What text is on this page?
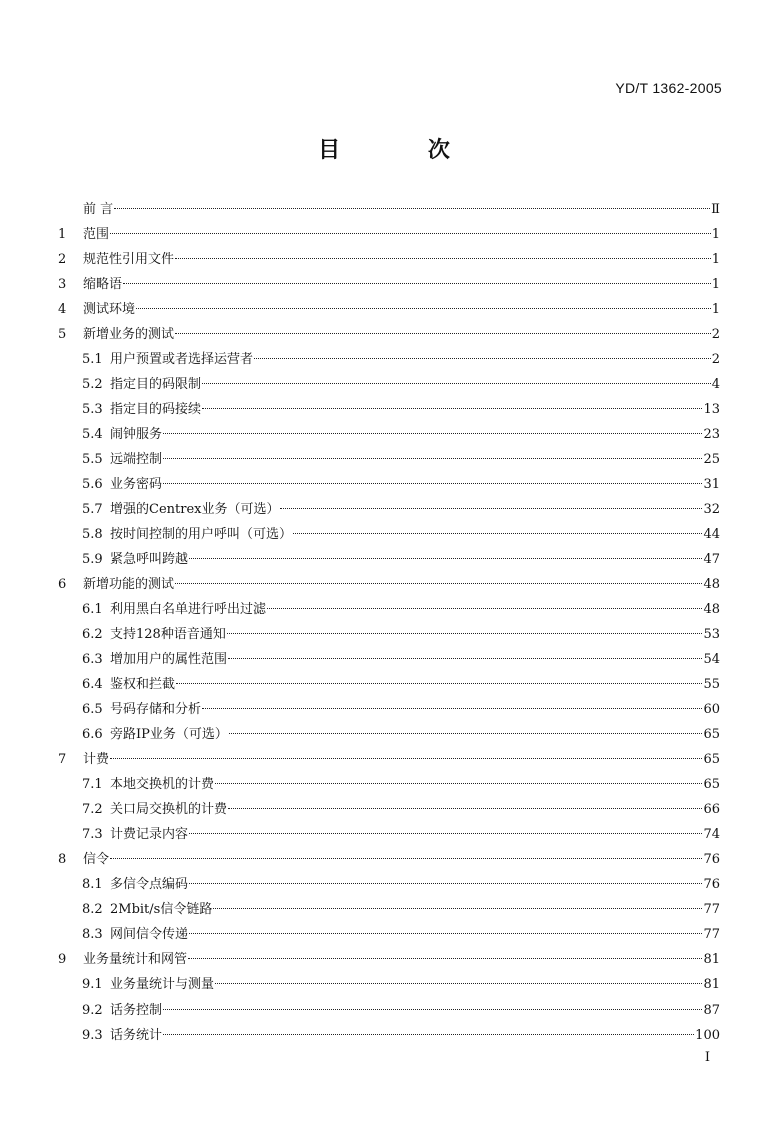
YD/T 1362-2005
目 次
前 言	Ⅱ
1	范围	1
2	规范性引用文件	1
3	缩略语	1
4	测试环境	1
5	新增业务的测试	2
5.1 用户预置或者选择运营者	2
5.2 指定目的码限制	4
5.3 指定目的码接续	13
5.4 闹钟服务	23
5.5 远端控制	25
5.6 业务密码	31
5.7 增强的Centrex业务（可选）	32
5.8 按时间控制的用户呼叫（可选）	44
5.9 紧急呼叫跨越	47
6	新增功能的测试	48
6.1 利用黑白名单进行呼出过滤	48
6.2 支持128种语音通知	53
6.3 增加用户的属性范围	54
6.4 鉴权和拦截	55
6.5 号码存储和分析	60
6.6 旁路IP业务（可选）	65
7	计费	65
7.1 本地交换机的计费	65
7.2 关口局交换机的计费	66
7.3 计费记录内容	74
8	信令	76
8.1 多信令点编码	76
8.2 2Mbit/s信令链路	77
8.3 网间信令传递	77
9	业务量统计和网管	81
9.1 业务量统计与测量	81
9.2 话务控制	87
9.3 话务统计	100
I
